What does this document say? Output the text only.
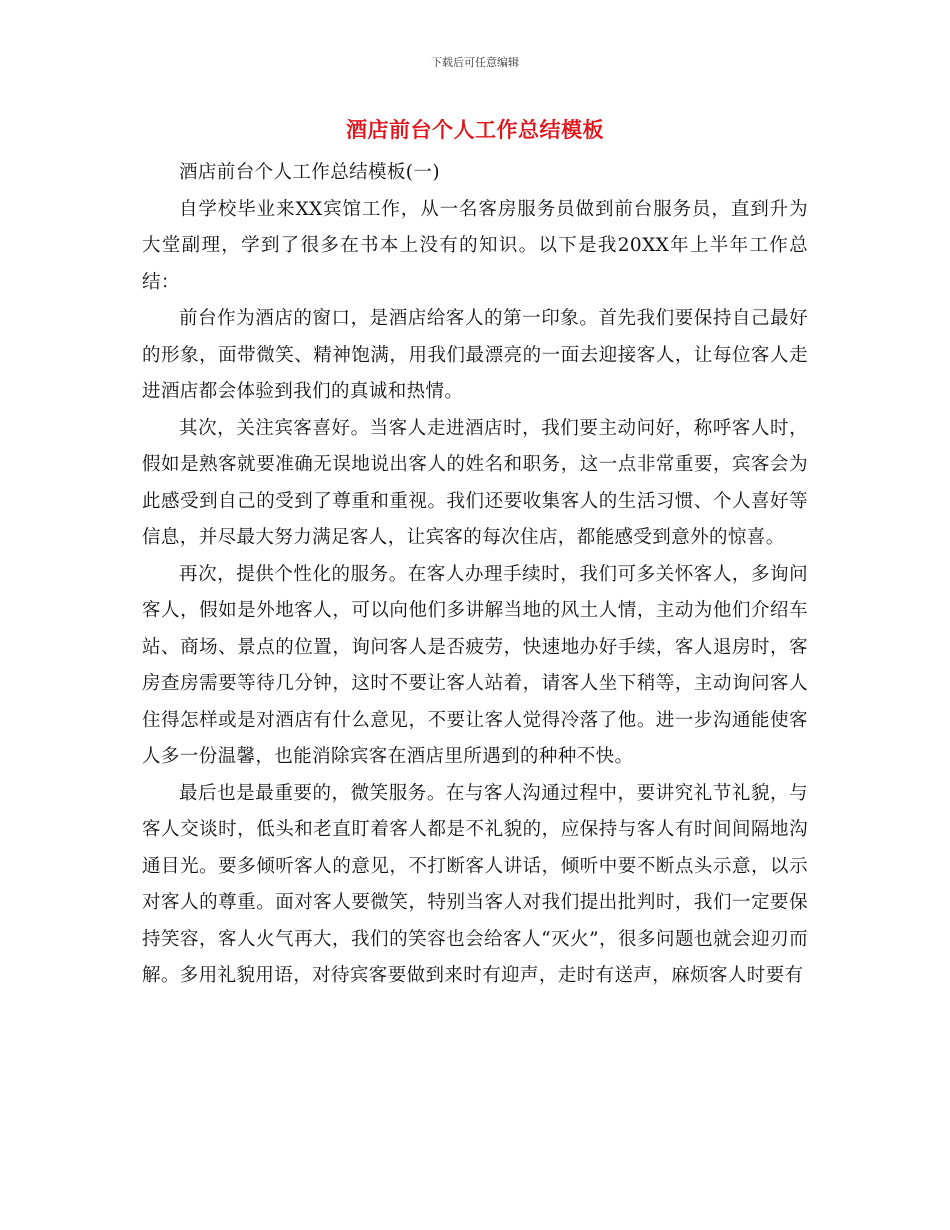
下载后可任意编辑
酒店前台个人工作总结模板

酒店前台个人工作总结模板(一)

自学校毕业来XX宾馆工作，从一名客房服务员做到前台服务员，直到升为大堂副理，学到了很多在书本上没有的知识。以下是我20XX年上半年工作总结：

前台作为酒店的窗口，是酒店给客人的第一印象。首先我们要保持自己最好的形象，面带微笑、精神饱满，用我们最漂亮的一面去迎接客人，让每位客人走进酒店都会体验到我们的真诚和热情。

其次，关注宾客喜好。当客人走进酒店时，我们要主动问好，称呼客人时，假如是熟客就要准确无误地说出客人的姓名和职务，这一点非常重要，宾客会为此感受到自己的受到了尊重和重视。我们还要收集客人的生活习惯、个人喜好等信息，并尽最大努力满足客人，让宾客的每次住店，都能感受到意外的惊喜。

再次，提供个性化的服务。在客人办理手续时，我们可多关怀客人，多询问客人，假如是外地客人，可以向他们多讲解当地的风土人情，主动为他们介绍车站、商场、景点的位置，询问客人是否疲劳，快速地办好手续，客人退房时，客房查房需要等待几分钟，这时不要让客人站着，请客人坐下稍等，主动询问客人住得怎样或是对酒店有什么意见，不要让客人觉得冷落了他。进一步沟通能使客人多一份温馨，也能消除宾客在酒店里所遇到的种种不快。

最后也是最重要的，微笑服务。在与客人沟通过程中，要讲究礼节礼貌，与客人交谈时，低头和老直盯着客人都是不礼貌的，应保持与客人有时间间隔地沟通目光。要多倾听客人的意见，不打断客人讲话，倾听中要不断点头示意，以示对客人的尊重。面对客人要微笑，特别当客人对我们提出批判时，我们一定要保持笑容，客人火气再大，我们的笑容也会给客人“灭火”，很多问题也就会迎刃而解。多用礼貌用语，对待宾客要做到来时有迎声，走时有送声，麻烦客人时要有
